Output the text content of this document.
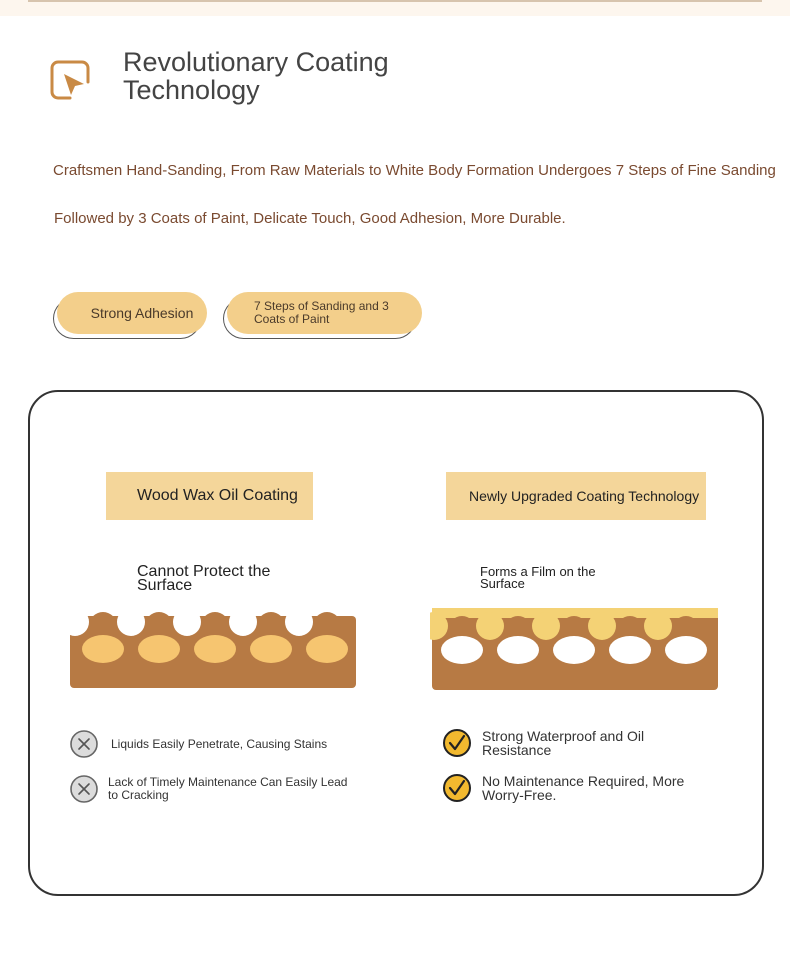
Revolutionary Coating Technology
Craftsmen Hand-Sanding, From Raw Materials to White Body Formation Undergoes 7 Steps of Fine Sanding
Followed by 3 Coats of Paint, Delicate Touch, Good Adhesion, More Durable.
Strong Adhesion	7 Steps of Sanding and 3 Coats of Paint
Wood Wax Oil Coating	Newly Upgraded Coating Technology
Cannot Protect the Surface
Forms a Film on the Surface
Liquids Easily Penetrate, Causing Stains
Lack of Timely Maintenance Can Easily Lead to Cracking
Strong Waterproof and Oil Resistance
No Maintenance Required, More Worry-Free.
